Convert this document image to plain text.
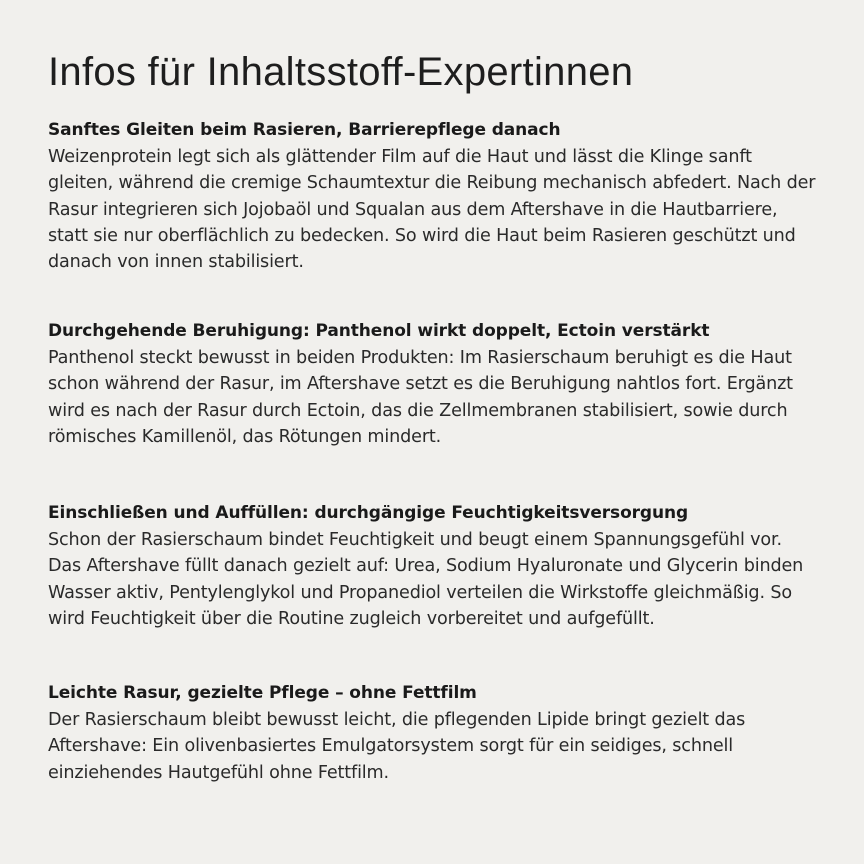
Infos für Inhaltsstoff-Expertinnen
Sanftes Gleiten beim Rasieren, Barrierepflege danach

Weizenprotein legt sich als glättender Film auf die Haut und lässt die Klinge sanft gleiten, während die cremige Schaumtextur die Reibung mechanisch abfedert. Nach der Rasur integrieren sich Jojobaöl und Squalan aus dem Aftershave in die Hautbarriere, statt sie nur oberflächlich zu bedecken. So wird die Haut beim Rasieren geschützt und danach von innen stabilisiert.

Durchgehende Beruhigung: Panthenol wirkt doppelt, Ectoin verstärkt

Panthenol steckt bewusst in beiden Produkten: Im Rasierschaum beruhigt es die Haut schon während der Rasur, im Aftershave setzt es die Beruhigung nahtlos fort. Ergänzt wird es nach der Rasur durch Ectoin, das die Zellmembranen stabilisiert, sowie durch römisches Kamillenöl, das Rötungen mindert.

Einschließen und Auffüllen: durchgängige Feuchtigkeitsversorgung

Schon der Rasierschaum bindet Feuchtigkeit und beugt einem Spannungsgefühl vor. Das Aftershave füllt danach gezielt auf: Urea, Sodium Hyaluronate und Glycerin binden Wasser aktiv, Pentylenglykol und Propanediol verteilen die Wirkstoffe gleichmäßig. So wird Feuchtigkeit über die Routine zugleich vorbereitet und aufgefüllt.

Leichte Rasur, gezielte Pflege – ohne Fettfilm

Der Rasierschaum bleibt bewusst leicht, die pflegenden Lipide bringt gezielt das Aftershave: Ein olivenbasiertes Emulgatorsystem sorgt für ein seidiges, schnell einziehendes Hautgefühl ohne Fettfilm.
